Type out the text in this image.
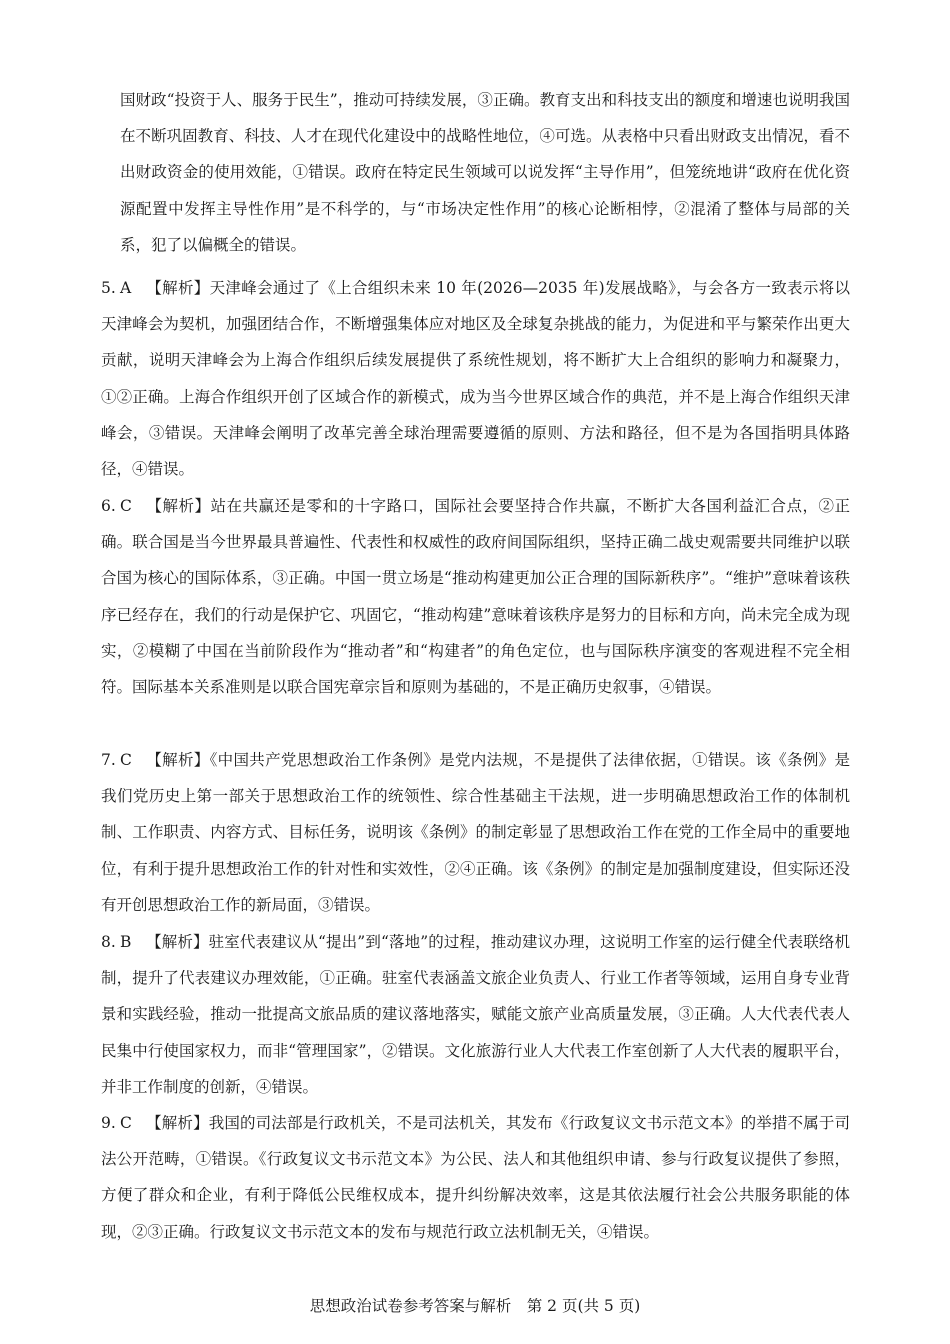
国财政“投资于人、服务于民生”，推动可持续发展，③正确。教育支出和科技支出的额度和增速也说明我国在不断巩固教育、科技、人才在现代化建设中的战略性地位，④可选。从表格中只看出财政支出情况，看不出财政资金的使用效能，①错误。政府在特定民生领域可以说发挥“主导作用”，但笼统地讲“政府在优化资源配置中发挥主导性作用”是不科学的，与“市场决定性作用”的核心论断相悖，②混淆了整体与局部的关系，犯了以偏概全的错误。

5. A 【解析】天津峰会通过了《上合组织未来 10 年(2026—2035 年)发展战略》，与会各方一致表示将以天津峰会为契机，加强团结合作，不断增强集体应对地区及全球复杂挑战的能力，为促进和平与繁荣作出更大贡献，说明天津峰会为上海合作组织后续发展提供了系统性规划，将不断扩大上合组织的影响力和凝聚力，①②正确。上海合作组织开创了区域合作的新模式，成为当今世界区域合作的典范，并不是上海合作组织天津峰会，③错误。天津峰会阐明了改革完善全球治理需要遵循的原则、方法和路径，但不是为各国指明具体路径，④错误。

6. C 【解析】站在共赢还是零和的十字路口，国际社会要坚持合作共赢，不断扩大各国利益汇合点，②正确。联合国是当今世界最具普遍性、代表性和权威性的政府间国际组织，坚持正确二战史观需要共同维护以联合国为核心的国际体系，③正确。中国一贯立场是“推动构建更加公正合理的国际新秩序”。“维护”意味着该秩序已经存在，我们的行动是保护它、巩固它，“推动构建”意味着该秩序是努力的目标和方向，尚未完全成为现实，②模糊了中国在当前阶段作为“推动者”和“构建者”的角色定位，也与国际秩序演变的客观进程不完全相符。国际基本关系准则是以联合国宪章宗旨和原则为基础的，不是正确历史叙事，④错误。

7. C 【解析】《中国共产党思想政治工作条例》是党内法规，不是提供了法律依据，①错误。该《条例》是我们党历史上第一部关于思想政治工作的统领性、综合性基础主干法规，进一步明确思想政治工作的体制机制、工作职责、内容方式、目标任务，说明该《条例》的制定彰显了思想政治工作在党的工作全局中的重要地位，有利于提升思想政治工作的针对性和实效性，②④正确。该《条例》的制定是加强制度建设，但实际还没有开创思想政治工作的新局面，③错误。

8. B 【解析】驻室代表建议从“提出”到“落地”的过程，推动建议办理，这说明工作室的运行健全代表联络机制，提升了代表建议办理效能，①正确。驻室代表涵盖文旅企业负责人、行业工作者等领域，运用自身专业背景和实践经验，推动一批提高文旅品质的建议落地落实，赋能文旅产业高质量发展，③正确。人大代表代表人民集中行使国家权力，而非“管理国家”，②错误。文化旅游行业人大代表工作室创新了人大代表的履职平台，并非工作制度的创新，④错误。

9. C 【解析】我国的司法部是行政机关，不是司法机关，其发布《行政复议文书示范文本》的举措不属于司法公开范畴，①错误。《行政复议文书示范文本》为公民、法人和其他组织申请、参与行政复议提供了参照，方便了群众和企业，有利于降低公民维权成本，提升纠纷解决效率，这是其依法履行社会公共服务职能的体现，②③正确。行政复议文书示范文本的发布与规范行政立法机制无关，④错误。

思想政治试卷参考答案与解析　第 2 页(共 5 页)
